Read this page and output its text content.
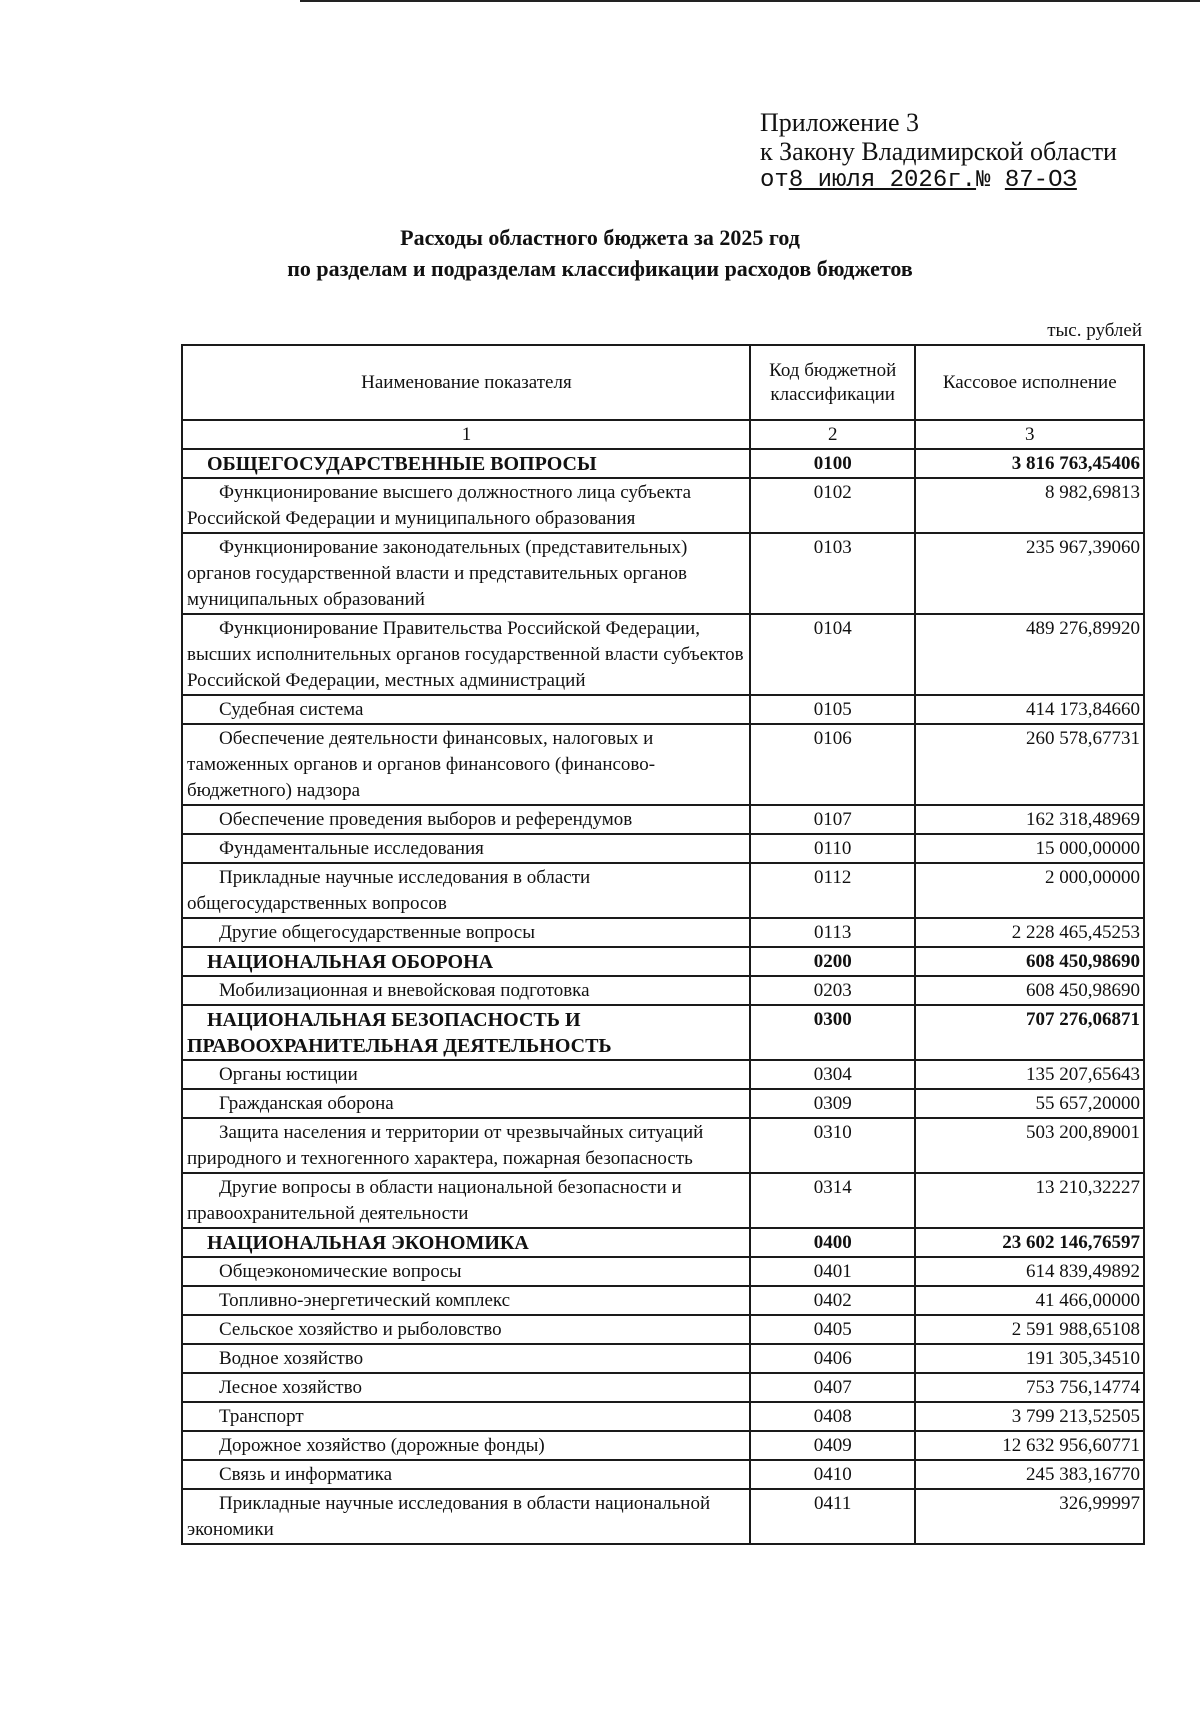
Приложение 3
к Закону Владимирской области
от8 июля 2026г.№ 87-ОЗ
Расходы областного бюджета за 2025 год
по разделам и подразделам классификации расходов бюджетов
тыс. рублей
Наименование показателя	Код бюджетной классификации	Кассовое исполнение
1	2	3
ОБЩЕГОСУДАРСТВЕННЫЕ ВОПРОСЫ	0100	3 816 763,45406
Функционирование высшего должностного лица субъекта Российской Федерации и муниципального образования	0102	8 982,69813
Функционирование законодательных (представительных) органов государственной власти и представительных органов муниципальных образований	0103	235 967,39060
Функционирование Правительства Российской Федерации, высших исполнительных органов государственной власти субъектов Российской Федерации, местных администраций	0104	489 276,89920
Судебная система	0105	414 173,84660
Обеспечение деятельности финансовых, налоговых и таможенных органов и органов финансового (финансово-бюджетного) надзора	0106	260 578,67731
Обеспечение проведения выборов и референдумов	0107	162 318,48969
Фундаментальные исследования	0110	15 000,00000
Прикладные научные исследования в области общегосударственных вопросов	0112	2 000,00000
Другие общегосударственные вопросы	0113	2 228 465,45253
НАЦИОНАЛЬНАЯ ОБОРОНА	0200	608 450,98690
Мобилизационная и вневойсковая подготовка	0203	608 450,98690
НАЦИОНАЛЬНАЯ БЕЗОПАСНОСТЬ И ПРАВООХРАНИТЕЛЬНАЯ ДЕЯТЕЛЬНОСТЬ	0300	707 276,06871
Органы юстиции	0304	135 207,65643
Гражданская оборона	0309	55 657,20000
Защита населения и территории от чрезвычайных ситуаций природного и техногенного характера, пожарная безопасность	0310	503 200,89001
Другие вопросы в области национальной безопасности и правоохранительной деятельности	0314	13 210,32227
НАЦИОНАЛЬНАЯ ЭКОНОМИКА	0400	23 602 146,76597
Общеэкономические вопросы	0401	614 839,49892
Топливно-энергетический комплекс	0402	41 466,00000
Сельское хозяйство и рыболовство	0405	2 591 988,65108
Водное хозяйство	0406	191 305,34510
Лесное хозяйство	0407	753 756,14774
Транспорт	0408	3 799 213,52505
Дорожное хозяйство (дорожные фонды)	0409	12 632 956,60771
Связь и информатика	0410	245 383,16770
Прикладные научные исследования в области национальной экономики	0411	326,99997
